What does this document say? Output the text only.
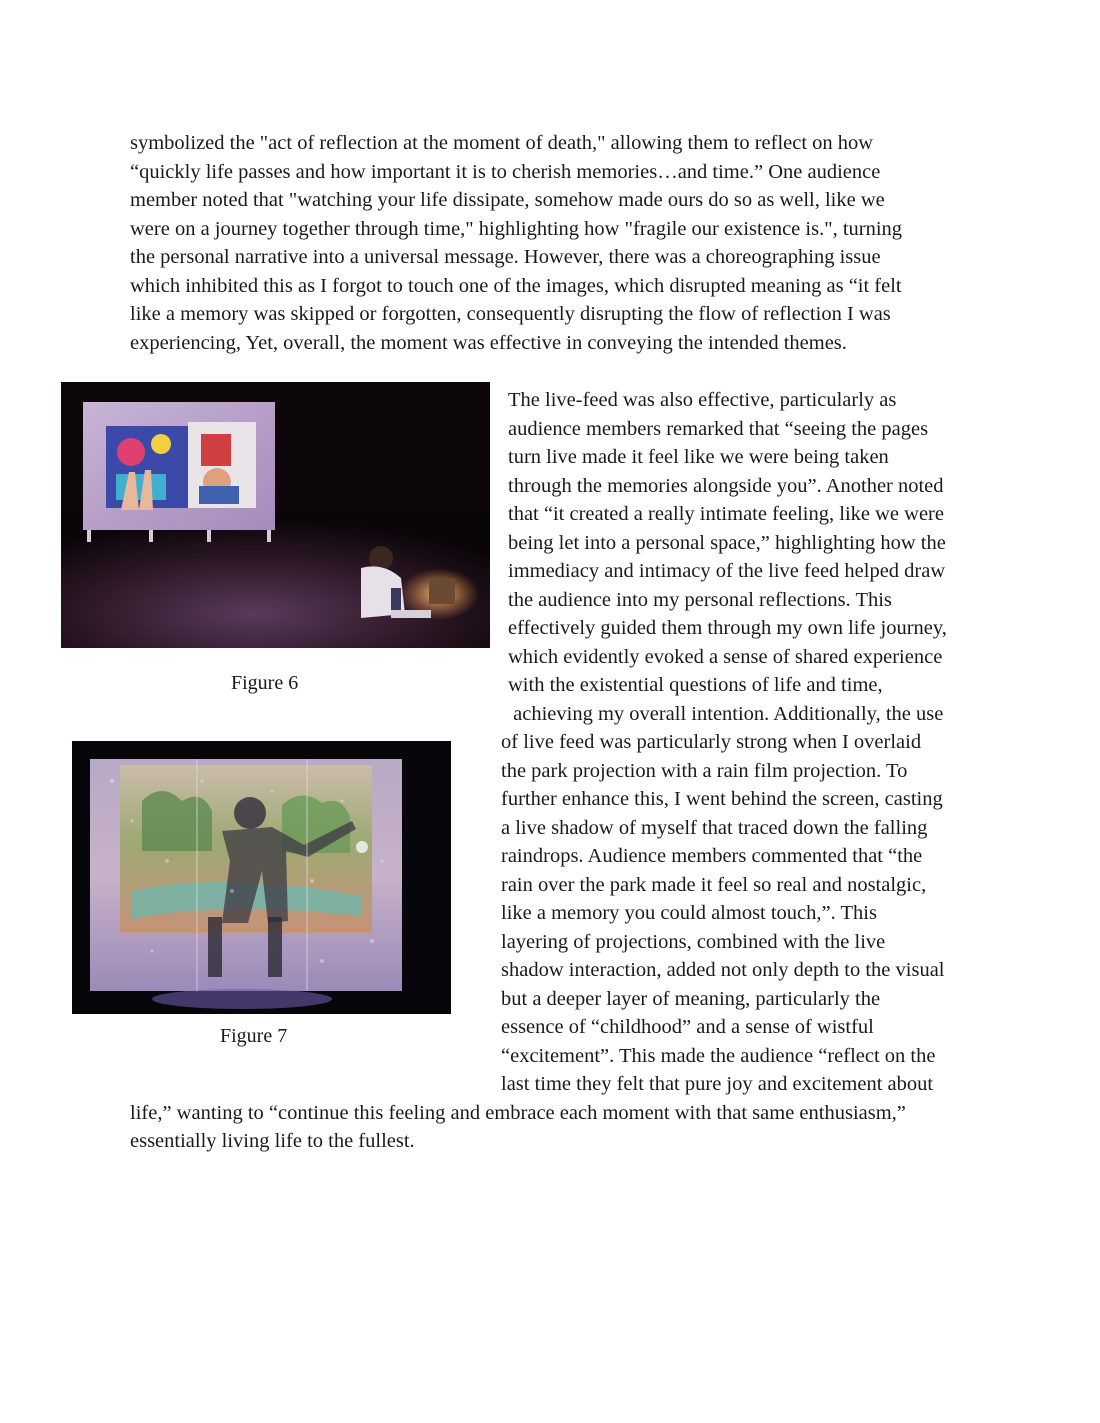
symbolized the "act of reflection at the moment of death," allowing them to reflect on how
“quickly life passes and how important it is to cherish memories…and time.” One audience
member noted that "watching your life dissipate, somehow made ours do so as well, like we
were on a journey together through time," highlighting how "fragile our existence is.", turning
the personal narrative into a universal message. However, there was a choreographing issue
which inhibited this as I forgot to touch one of the images, which disrupted meaning as “it felt
like a memory was skipped or forgotten, consequently disrupting the flow of reflection I was
experiencing, Yet, overall, the moment was effective in conveying the intended themes.
Figure 6
Figure 7
The live-feed was also effective, particularly as
audience members remarked that “seeing the pages
turn live made it feel like we were being taken
through the memories alongside you”. Another noted
that “it created a really intimate feeling, like we were
being let into a personal space,” highlighting how the
immediacy and intimacy of the live feed helped draw
the audience into my personal reflections. This
effectively guided them through my own life journey,
which evidently evoked a sense of shared experience
with the existential questions of life and time,
achieving my overall intention. Additionally, the use
of live feed was particularly strong when I overlaid
the park projection with a rain film projection. To
further enhance this, I went behind the screen, casting
a live shadow of myself that traced down the falling
raindrops. Audience members commented that “the
rain over the park made it feel so real and nostalgic,
like a memory you could almost touch,”. This
layering of projections, combined with the live
shadow interaction, added not only depth to the visual
but a deeper layer of meaning, particularly the
essence of “childhood” and a sense of wistful
“excitement”. This made the audience “reflect on the
last time they felt that pure joy and excitement about
life,” wanting to “continue this feeling and embrace each moment with that same enthusiasm,”
essentially living life to the fullest.
